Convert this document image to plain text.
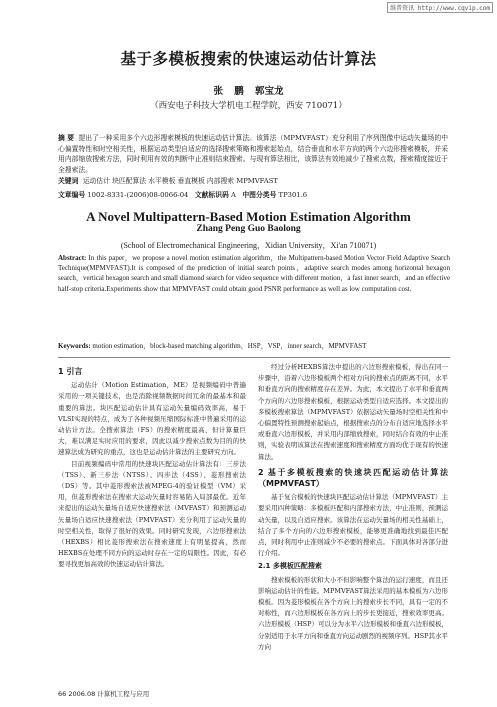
维普资讯 http://www.cqvip.com
基于多模板搜索的快速运动估计算法
张 鹏 郭宝龙
（西安电子科技大学机电工程学院，西安 710071）
摘 要 提出了一种采用多个六边形搜索模板的快速运动估计算法。该算法（MPMVFAST）充分利用了序列图像中运动矢量场的中心偏置特性和时空相关性，根据运动类型自适应的选择搜索策略和搜索起始点，结合垂直和水平方向的两个六边形搜索模板，并采用内部缩放搜索方法，同时利用有效的判断中止准则结束搜索。与现有算法相比，该算法有效地减少了搜索点数，搜索精度接近于全搜索法。
关键词 运动估计 块匹配算法 水平模板 垂直模板 内部搜索 MPMVFAST
文章编号 1002-8331-(2006)08-0066-04 文献标识码 A 中图分类号 TP301.6
A Novel Multipattern-Based Motion Estimation Algorithm
Zhang Peng Guo Baolong
(School of Electromechanical Engineering，Xidian University，Xi'an 710071)
Abstract: In this paper，we propose a novel motion estimation algorithm，the Multipattern-based Motion Vector Field Adaptive Search Technique(MPMVFAST).It is composed of the prediction of initial search points，adaptive search modes among horizontal hexagon search，vertical hexagon search and small diamond search for video sequence with different motion，a fast inner search，and an effective half-stop criteria.Experiments show that MPMVFAST could obtain good PSNR performance as well as low computation cost.
Keywords: motion estimation，block-based matching algorithm，HSP，VSP，inner search，MPMVFAST
1 引言

运动估计（Motion Estimation，ME）是视频编码中普遍采用的一项关键技术，也是消除视频数据时间冗余的最基本和最重要的算法。块匹配运动估计具有运动矢量编码效率高，易于VLSI实现的特点，成为了各种视频压缩国际标准中普遍采用的运动估计方法。全搜索算法（FS）的搜索精度最高，但计算量巨大，难以满足实时应用的要求，因此以减少搜索点数为目的的快速算法成为研究的重点，这也是运动估计算法的主要研究方向。

目前视频编码中常用的快速块匹配运动估计算法有：三步法（TSS）、新三步法（NTSS）、四步法（4SS）、菱形搜索法（DS）等。其中菱形搜索法被MPEG-4的验证模型（VM）采用，但菱形搜索法在搜索大运动矢量时容易陷入局部最优。近年来提出的运动矢量场自适应快速搜索法（MVFAST）和预测运动矢量场自适应快速搜索法（PMVFAST）充分利用了运动矢量的时空相关性，取得了很好的效果。同时研究发现，六边形搜索法（HEXBS）相比菱形搜索法在搜索速度上有明显提高，然而HEXBS在处理不同方向的运动时存在一定的局限性。因此，有必要寻找更加高效的快速运动估计算法。

经过分析HEXBS算法中提出的六边形搜索模板，得出在同一步骤中，沿着六边形模板两个相对方向的搜索点的距离不同，水平和垂直方向的搜索精度存在差异。为此，本文提出了水平和垂直两个方向的六边形搜索模板，根据运动类型自适应选择。本文提出的多模板搜索算法（MPMVFAST）依据运动矢量场时空相关性和中心偏置特性预测搜索起始点，根据搜索点的分布自适应地选择水平或垂直六边形模板，并采用内部缩放搜索，同时结合有效的中止准则，实验表明该算法在搜索速度和搜索精度方面均优于现有的快速算法。

2 基于多模板搜索的快速块匹配运动估计算法（MPMVFAST）

基于复合模板的快速块匹配运动估计算法（MPMVFAST）主要采用四种策略：多模板匹配和内部搜索方法，中止准则，预测运动矢量，以及自适应搜索。该算法在运动矢量场的相关性基础上，结合了多个方向的六边形搜索模板，能够更准确地找到最佳匹配点，同时利用中止准则减少不必要的搜索点。下面具体对各部分进行介绍。

2.1 多模板匹配搜索

搜索模板的形状和大小不但影响整个算法的运行速度，而且还影响运动估计的性能。MPMVFAST算法采用的基本模板为六边形模板。因为菱形模板在各个方向上的搜索步长不同，具有一定的不对称性，而六边形模板在各方向上的步长更接近，搜索效率更高。六边形模板（HSP）可以分为水平六边形模板和垂直六边形模板，分别适用于水平方向和垂直方向运动剧烈的视频序列。HSP其水平方向

66 2006.08 计算机工程与应用
